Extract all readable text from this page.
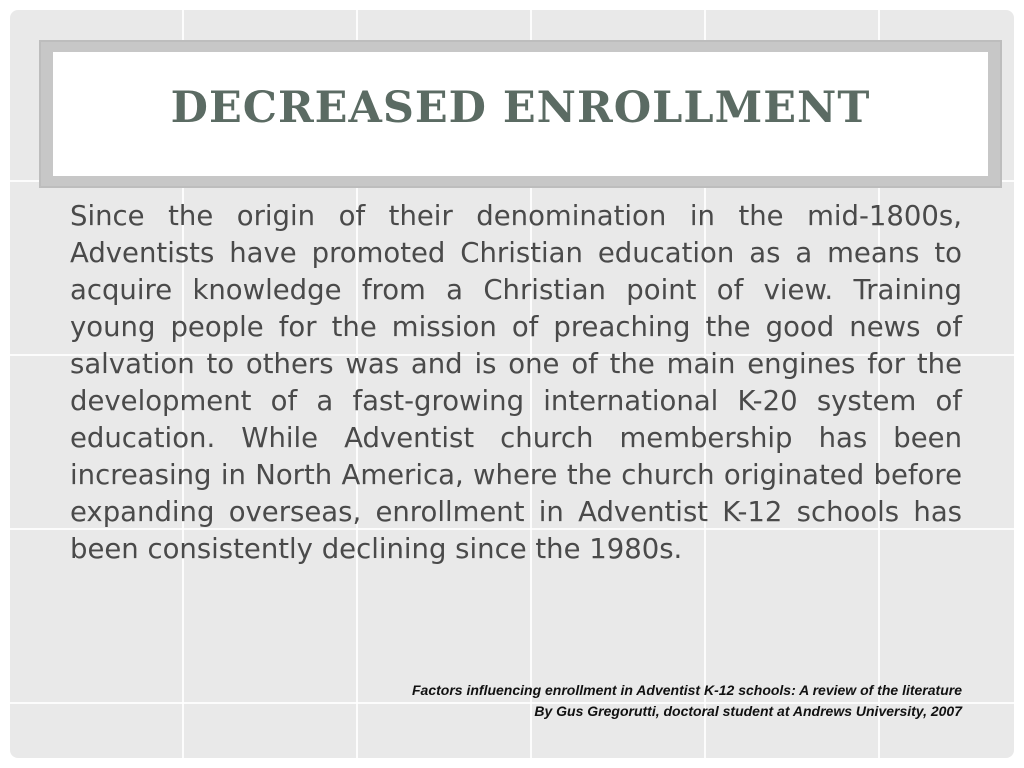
DECREASED ENROLLMENT

Since the origin of their denomination in the mid-1800s, Adventists have promoted Christian education as a means to acquire knowledge from a Christian point of view. Training young people for the mission of preaching the good news of salvation to others was and is one of the main engines for the development of a fast-growing international K-20 system of education. While Adventist church membership has been increasing in North America, where the church originated before expanding overseas, enrollment in Adventist K-12 schools has been consistently declining since the 1980s.

Factors influencing enrollment in Adventist K-12 schools: A review of the literature
By Gus Gregorutti, doctoral student at Andrews University, 2007
